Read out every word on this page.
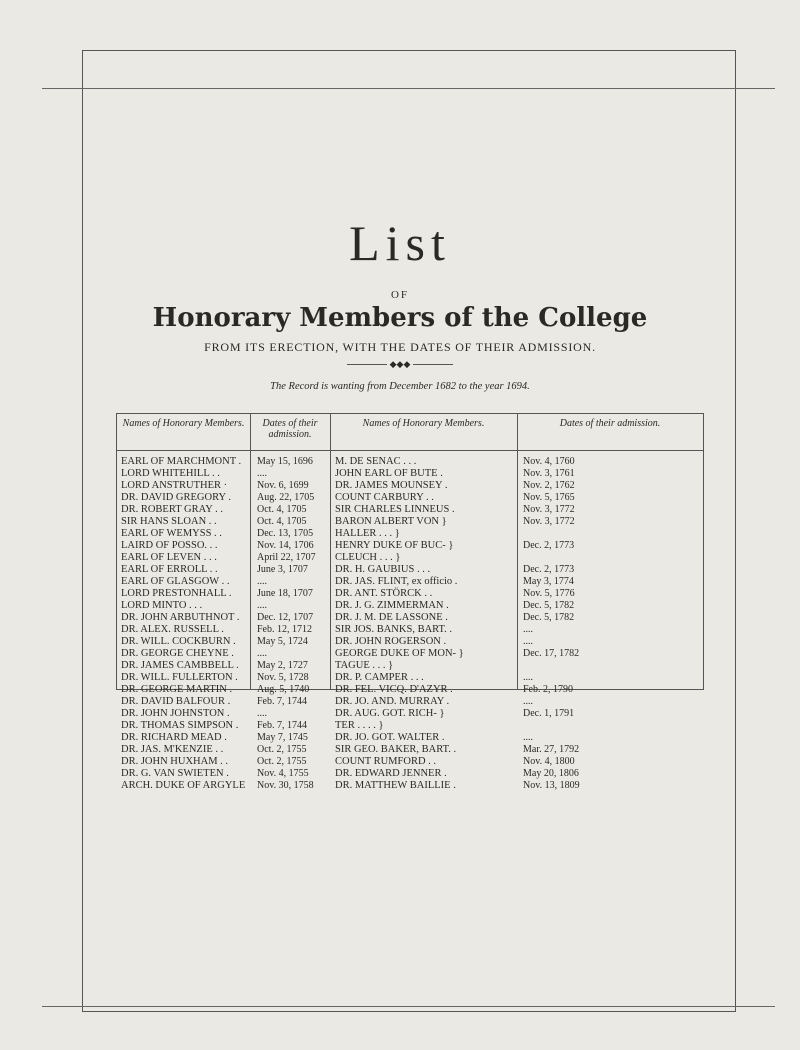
List
OF
Honorary Members of the College
FROM ITS ERECTION, WITH THE DATES OF THEIR ADMISSION.
◆◆◆
The Record is wanting from December 1682 to the year 1694.
Names of Honorary Members.	Dates of their admission.
Names of Honorary Members.	Dates of their admission.
EARL OF MARCHMONT .
LORD WHITEHILL . .
LORD ANSTRUTHER ·
DR. DAVID GREGORY .
DR. ROBERT GRAY . .
SIR HANS SLOAN . .
EARL OF WEMYSS . .
LAIRD OF POSSO. . .
EARL OF LEVEN . . .
EARL OF ERROLL . .
EARL OF GLASGOW . .
LORD PRESTONHALL .
LORD MINTO . . .
DR. JOHN ARBUTHNOT .
DR. ALEX. RUSSELL .
DR. WILL. COCKBURN .
DR. GEORGE CHEYNE .
DR. JAMES CAMBBELL .
DR. WILL. FULLERTON .
DR. GEORGE MARTIN .
DR. DAVID BALFOUR .
DR. JOHN JOHNSTON .
DR. THOMAS SIMPSON .
DR. RICHARD MEAD .
DR. JAS. M'KENZIE . .
DR. JOHN HUXHAM . .
DR. G. VAN SWIETEN .
ARCH. DUKE OF ARGYLE
May 15, 1696
....
Nov. 6, 1699
Aug. 22, 1705
Oct. 4, 1705
Oct. 4, 1705
Dec. 13, 1705
Nov. 14, 1706
April 22, 1707
June 3, 1707
....
June 18, 1707
....
Dec. 12, 1707
Feb. 12, 1712
May 5, 1724
....
May 2, 1727
Nov. 5, 1728
Aug. 5, 1740
Feb. 7, 1744
....
Feb. 7, 1744
May 7, 1745
Oct. 2, 1755
Oct. 2, 1755
Nov. 4, 1755
Nov. 30, 1758
M. DE SENAC . . .
JOHN EARL OF BUTE .
DR. JAMES MOUNSEY .
COUNT CARBURY . .
SIR CHARLES LINNEUS .
BARON ALBERT VON }
HALLER . . . }
HENRY DUKE OF BUC- }
CLEUCH . . . }
DR. H. GAUBIUS . . .
DR. JAS. FLINT, ex officio .
DR. ANT. STÖRCK . .
DR. J. G. ZIMMERMAN .
DR. J. M. DE LASSONE .
SIR JOS. BANKS, BART. .
DR. JOHN ROGERSON .
GEORGE DUKE OF MON- }
TAGUE . . . }
DR. P. CAMPER . . .
DR. FEL. VICQ. D'AZYR .
DR. JO. AND. MURRAY .
DR. AUG. GOT. RICH- }
TER . . . . }
DR. JO. GOT. WALTER .
SIR GEO. BAKER, BART. .
COUNT RUMFORD . .
DR. EDWARD JENNER .
DR. MATTHEW BAILLIE .
Nov. 4, 1760
Nov. 3, 1761
Nov. 2, 1762
Nov. 5, 1765
Nov. 3, 1772
Nov. 3, 1772
Dec. 2, 1773
Dec. 2, 1773
May 3, 1774
Nov. 5, 1776
Dec. 5, 1782
Dec. 5, 1782
....
....
Dec. 17, 1782
....
Feb. 2, 1790
....
Dec. 1, 1791
....
Mar. 27, 1792
Nov. 4, 1800
May 20, 1806
Nov. 13, 1809
